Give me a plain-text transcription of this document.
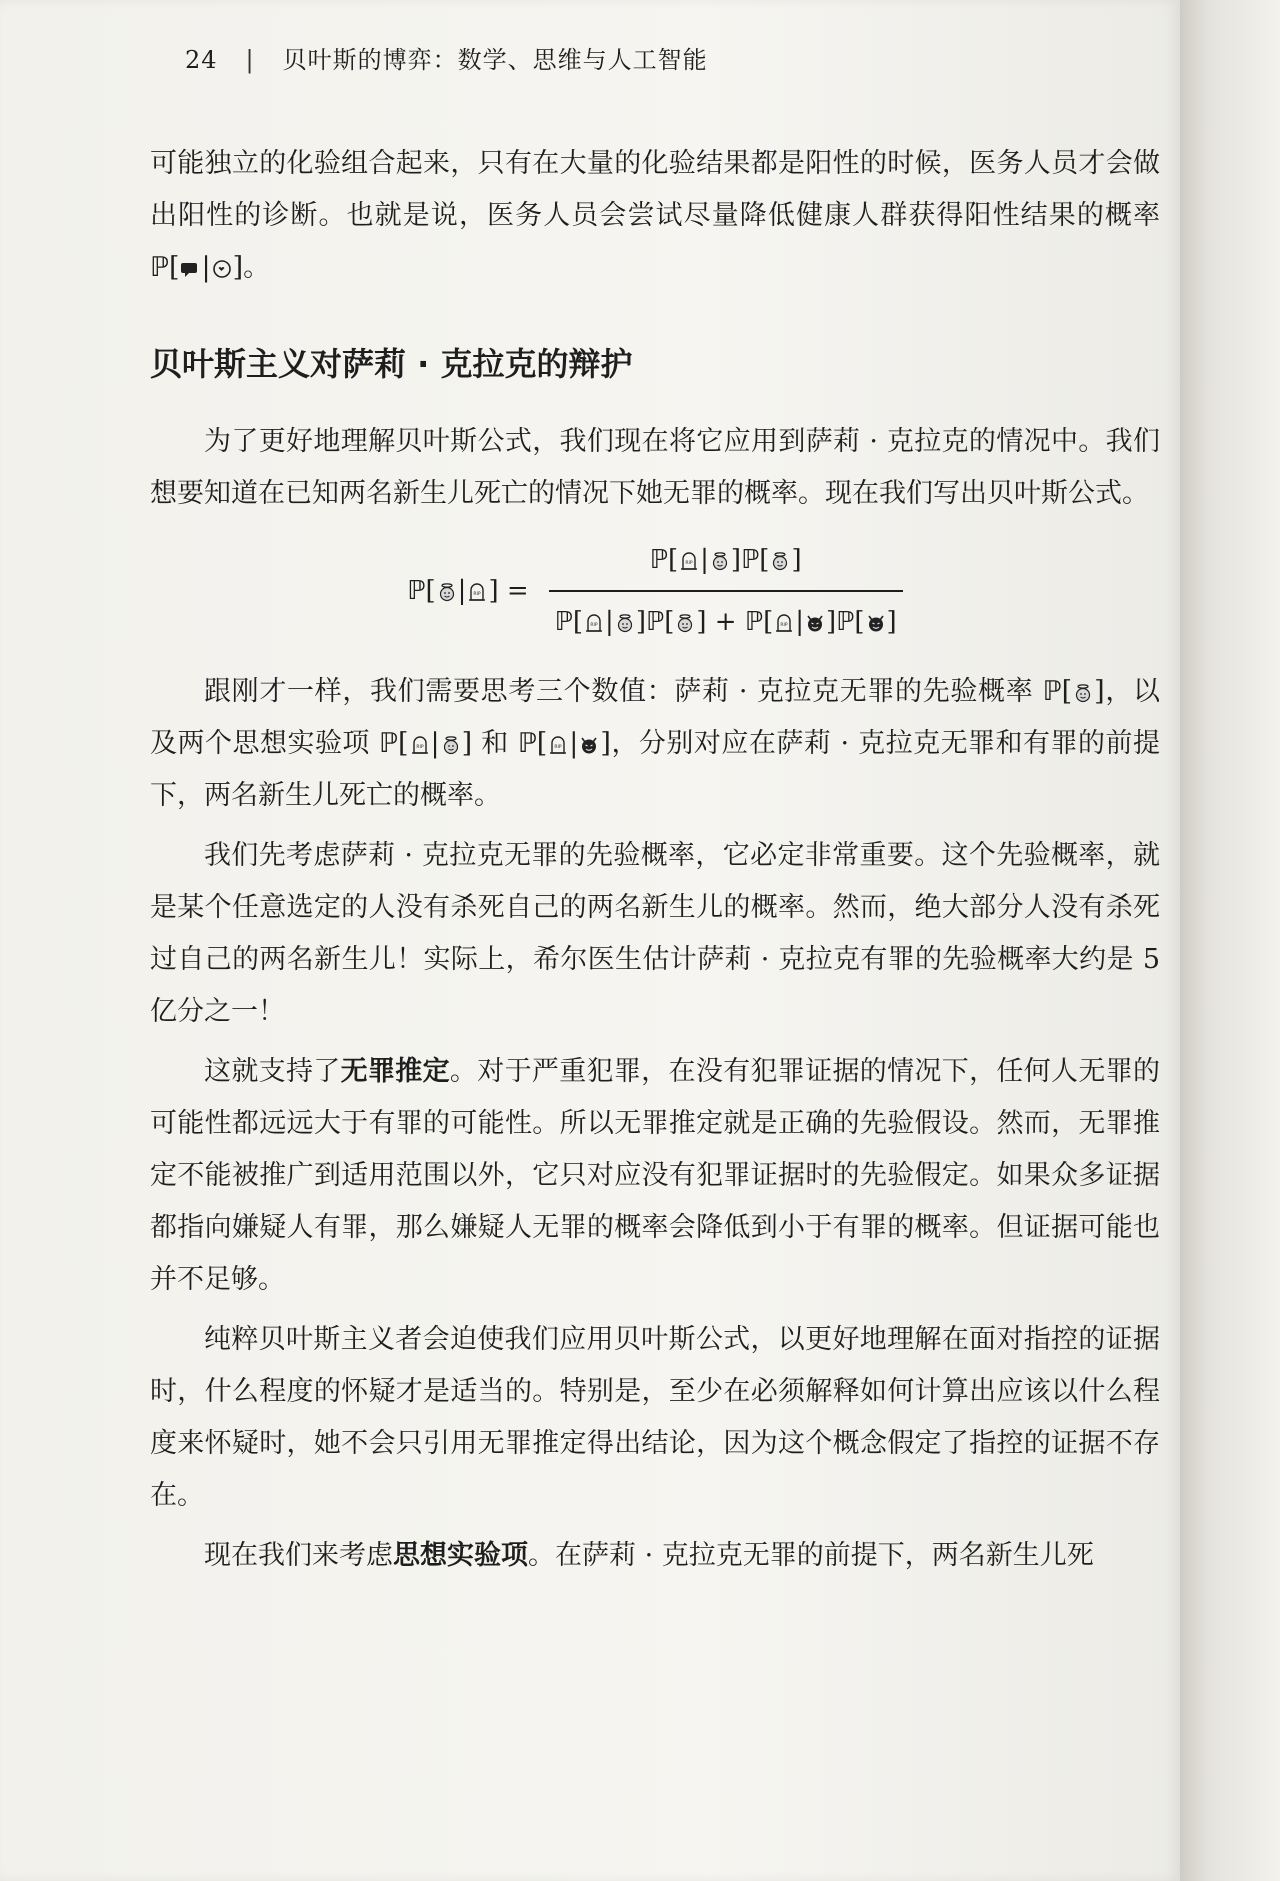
24 | 贝叶斯的博弈：数学、思维与人工智能

可能独立的化验组合起来，只有在大量的化验结果都是阳性的时候，医务人员才会做出阳性的诊断。也就是说，医务人员会尝试尽量降低健康人群获得阳性结果的概率 ℙ[ | ]。

贝叶斯主义对萨莉 · 克拉克的辩护

为了更好地理解贝叶斯公式，我们现在将它应用到萨莉 · 克拉克的情况中。我们想要知道在已知两名新生儿死亡的情况下她无罪的概率。现在我们写出贝叶斯公式。

ℙ[ | RIP ] = $\frac{\text{ℙ[ RIP | ]ℙ[ ]}}{\text{ℙ[ RIP | ]ℙ[ ] + ℙ[ RIP | ]ℙ[ ]}}$

跟刚才一样，我们需要思考三个数值：萨莉 · 克拉克无罪的先验概率 ℙ[ ]，以及两个思想实验项 ℙ[ RIP | ] 和 ℙ[ RIP | ]，分别对应在萨莉 · 克拉克无罪和有罪的前提下，两名新生儿死亡的概率。

我们先考虑萨莉 · 克拉克无罪的先验概率，它必定非常重要。这个先验概率，就是某个任意选定的人没有杀死自己的两名新生儿的概率。然而，绝大部分人没有杀死过自己的两名新生儿！实际上，希尔医生估计萨莉 · 克拉克有罪的先验概率大约是 5 亿分之一！

这就支持了无罪推定。对于严重犯罪，在没有犯罪证据的情况下，任何人无罪的可能性都远远大于有罪的可能性。所以无罪推定就是正确的先验假设。然而，无罪推定不能被推广到适用范围以外，它只对应没有犯罪证据时的先验假定。如果众多证据都指向嫌疑人有罪，那么嫌疑人无罪的概率会降低到小于有罪的概率。但证据可能也并不足够。

纯粹贝叶斯主义者会迫使我们应用贝叶斯公式，以更好地理解在面对指控的证据时，什么程度的怀疑才是适当的。特别是，至少在必须解释如何计算出应该以什么程度来怀疑时，她不会只引用无罪推定得出结论，因为这个概念假定了指控的证据不存在。

现在我们来考虑思想实验项。在萨莉 · 克拉克无罪的前提下，两名新生儿死
